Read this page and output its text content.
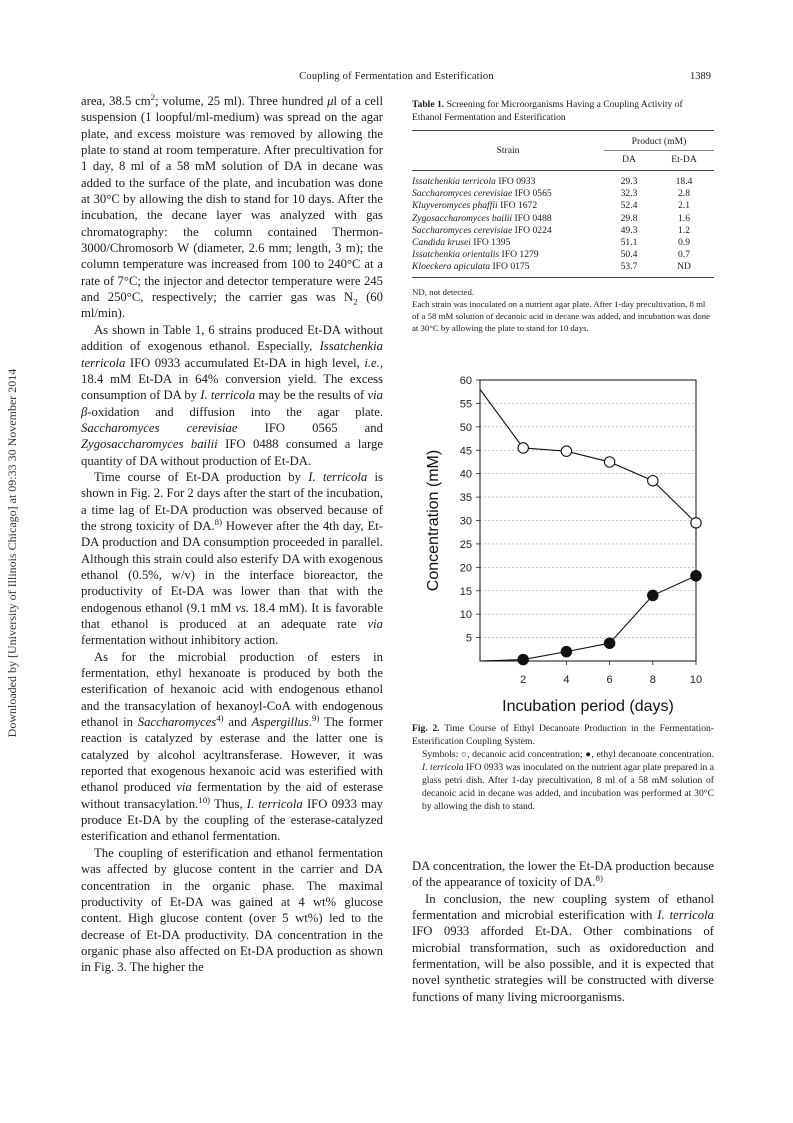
Downloaded by [University of Illinois Chicago] at 09:33 30 November 2014
Coupling of Fermentation and Esterification	1389

area, 38.5 $cm^2$; volume, 25 ml). Three hundred μl of a cell suspension (1 loopful/ml-medium) was spread on the agar plate, and excess moisture was removed by allowing the plate to stand at room temperature. After precultivation for 1 day, 8 ml of a 58 mM solution of DA in decane was added to the surface of the plate, and incubation was done at 30°C by allowing the dish to stand for 10 days. After the incubation, the decane layer was analyzed with gas chromatography: the column contained Thermon-3000/Chromosorb W (diameter, 2.6 mm; length, 3 m); the column temperature was increased from 100 to 240°C at a rate of 7°C; the injector and detector temperature were 245 and 250°C, respectively; the carrier gas was $N_2$ (60 ml/min).

As shown in Table 1, 6 strains produced Et-DA without addition of exogenous ethanol. Especially, Issatchenkia terricola IFO 0933 accumulated Et-DA in high level, i.e., 18.4 mM Et-DA in 64% conversion yield. The excess consumption of DA by I. terricola may be the results of via β-oxidation and diffusion into the agar plate. Saccharomyces cerevisiae IFO 0565 and Zygosaccharomyces bailii IFO 0488 consumed a large quantity of DA without production of Et-DA.

Time course of Et-DA production by I. terricola is shown in Fig. 2. For 2 days after the start of the incubation, a time lag of Et-DA production was observed because of the strong toxicity of DA.$^{8)}$ However after the 4th day, Et-DA production and DA consumption proceeded in parallel. Although this strain could also esterify DA with exogenous ethanol (0.5%, w/v) in the interface bioreactor, the productivity of Et-DA was lower than that with the endogenous ethanol (9.1 mM vs. 18.4 mM). It is favorable that ethanol is produced at an adequate rate via fermentation without inhibitory action.

As for the microbial production of esters in fermentation, ethyl hexanoate is produced by both the esterification of hexanoic acid with endogenous ethanol and the transacylation of hexanoyl-CoA with endogenous ethanol in Saccharomyces$^{4)}$ and Aspergillus.$^{9)}$ The former reaction is catalyzed by esterase and the latter one is catalyzed by alcohol acyltransferase. However, it was reported that exogenous hexanoic acid was esterified with ethanol produced via fermentation by the aid of esterase without transacylation.$^{10)}$ Thus, I. terricola IFO 0933 may produce Et-DA by the coupling of the esterase-catalyzed esterification and ethanol fermentation.

The coupling of esterification and ethanol fermentation was affected by glucose content in the carrier and DA concentration in the organic phase. The maximal productivity of Et-DA was gained at 4 wt% glucose content. High glucose content (over 5 wt%) led to the decrease of Et-DA productivity. DA concentration in the organic phase also affected on Et-DA production as shown in Fig. 3. The higher the

Table 1. Screening for Microorganisms Having a Coupling Activity of Ethanol Fermentation and Esterification

Strain	Product (mM)	
	DA	Et-DA
Issatchenkia terricola IFO 0933	29.3	18.4
Saccharomyces cerevisiae IFO 0565	32.3	2.8
Kluyveromyces phaffii IFO 1672	52.4	2.1
Zygosaccharomyces bailii IFO 0488	29.8	1.6
Saccharomyces cerevisiae IFO 0224	49.3	1.2
Candida krusei IFO 1395	51.1	0.9
Issatchenkia orientalis IFO 1279	50.4	0.7
Kloeckera apiculata IFO 0175	53.7	ND

ND, not detected.

Each strain was inoculated on a nutrient agar plate. After 1-day precultivation, 8 ml of a 58 mM solution of decanoic acid in decane was added, and incubation was done at 30°C by allowing the plate to stand for 10 days.

5
10
15
20
25
30
35
40
45
50
55
60
2	4	6	8	10
Incubation period (days)
Concentration (mM)

Fig. 2. Time Course of Ethyl Decanoate Production in the Fermentation-Esterification Coupling System.

Symbols: ○, decanoic acid concentration; ●, ethyl decanoate concentration. I. terricola IFO 0933 was inoculated on the nutrient agar plate prepared in a glass petri dish. After 1-day precultivation, 8 ml of a 58 mM solution of decanoic acid in decane was added, and incubation was performed at 30°C by allowing the dish to stand.

DA concentration, the lower the Et-DA production because of the appearance of toxicity of DA.$^{8)}$

In conclusion, the new coupling system of ethanol fermentation and microbial esterification with I. terricola IFO 0933 afforded Et-DA. Other combinations of microbial transformation, such as oxidoreduction and fermentation, will be also possible, and it is expected that novel synthetic strategies will be constructed with diverse functions of many living microorganisms.
